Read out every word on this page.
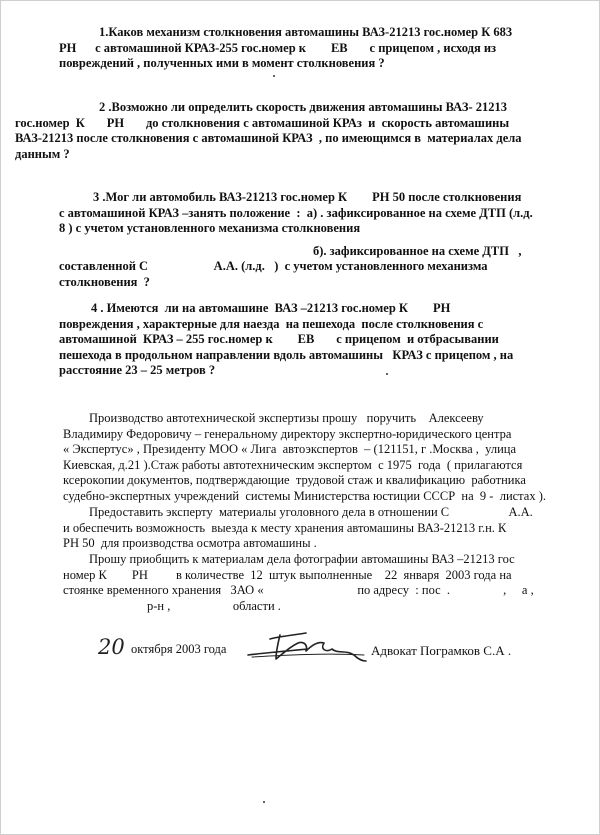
1.Каков механизм столкновения автомашины ВАЗ-21213 гос.номер К 683
РН      с автомашиной КРАЗ-255 гос.номер к        ЕВ       с прицепом , исходя из
повреждений , полученных ими в момент столкновения ?
2 .Возможно ли определить скорость движения автомашины ВАЗ- 21213
гос.номер  К       РН       до столкновения с автомашиной КРАз  и  скорость автомашины
ВАЗ-21213 после столкновения с автомашиной КРАЗ  , по имеющимся в  материалах дела
данным ?
3 .Мог ли автомобиль ВАЗ-21213 гос.номер К        РН 50 после столкновения
с автомашиной КРАЗ –занять положение  :  а) . зафиксированное на схеме ДТП (л.д.
8 ) с учетом установленного механизма столкновения
б). зафиксированное на схеме ДТП   ,
составленной С                     А.А. (л.д.   )  с учетом установленного механизма
столкновения  ?
4 . Имеются  ли на автомашине  ВАЗ –21213 гос.номер К        РН
повреждения , характерные для наезда  на пешехода  после столкновения с
автомашиной  КРАЗ – 255 гос.номер к        ЕВ       с прицепом  и отбрасывании
пешехода в продольном направлении вдоль автомашины   КРАЗ с прицепом , на
расстояние 23 – 25 метров ?
Производство автотехнической экспертизы прошу   поручить    Алексееву
Владимиру Федоровичу – генеральному директору экспертно-юридического центра
« Экспертус» , Президенту МОО « Лига  автоэкспертов  – (121151, г .Москва ,  улица
Киевская, д.21 ).Стаж работы автотехническим экспертом  с 1975  года  ( прилагаются
ксерокопии документов, подтверждающие  трудовой стаж и квалификацию  работника
судебно-экспертных учреждений  системы Министерства юстиции СССР  на  9 -  листах ).
Предоставить эксперту  материалы уголовного дела в отношении С                   А.А.
и обеспечить возможность  выезда к месту хранения автомашины ВАЗ-21213 г.н. К
РН 50  для производства осмотра автомашины .
Прошу приобщить к материалам дела фотографии автомашины ВАЗ –21213 гос
номер К        РН         в количестве  12  штук выполненные    22  января  2003 года на
стоянке временного хранения   ЗАО «                              по адресу  : пос  .                 ,     а ,
р-н ,                    области .
20 октября 2003 года	Адвокат Пограмков С.А .
